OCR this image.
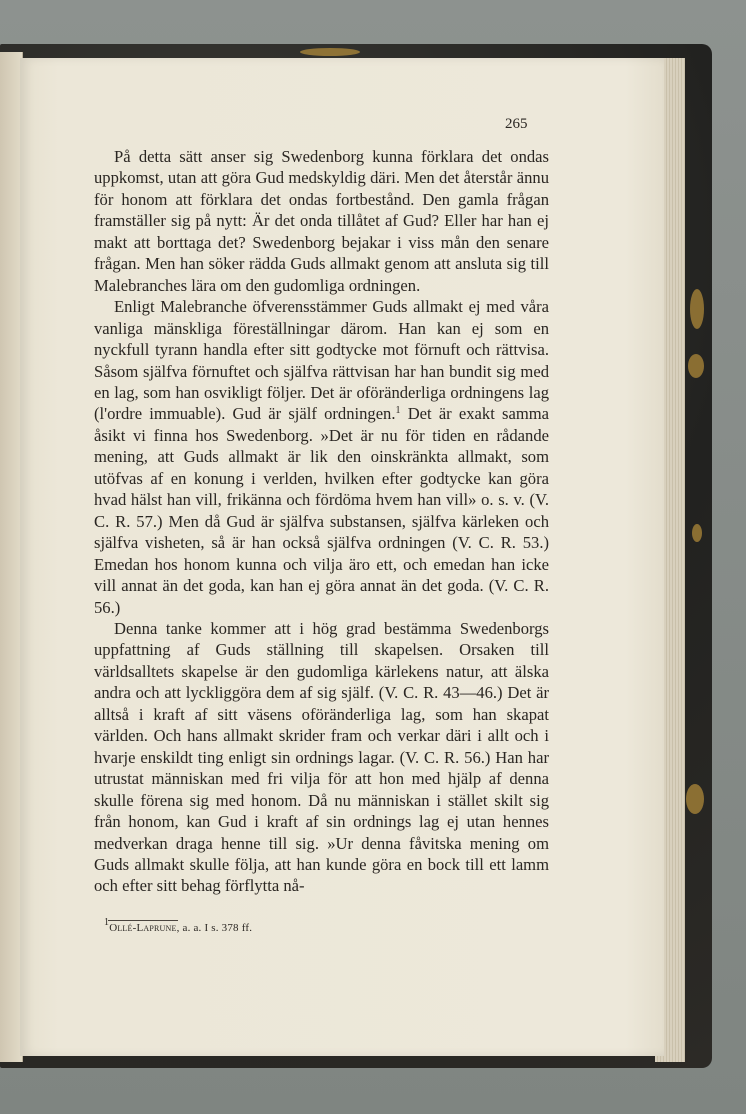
265

På detta sätt anser sig Swedenborg kunna förklara det ondas uppkomst, utan att göra Gud medskyldig däri. Men det återstår ännu för honom att förklara det ondas fortbestånd. Den gamla frågan framställer sig på nytt: Är det onda tillåtet af Gud? Eller har han ej makt att borttaga det? Swedenborg bejakar i viss mån den senare frågan. Men han söker rädda Guds allmakt genom att ansluta sig till Malebranches lära om den gudomliga ordningen.

Enligt Malebranche öfverensstämmer Guds allmakt ej med våra vanliga mänskliga föreställningar därom. Han kan ej som en nyckfull tyrann handla efter sitt godtycke mot förnuft och rättvisa. Såsom själfva förnuftet och själfva rättvisan har han bundit sig med en lag, som han osvikligt följer. Det är oföränderliga ordningens lag (l'ordre immuable). Gud är själf ordningen.$^1$ Det är exakt samma åsikt vi finna hos Swedenborg. »Det är nu för tiden en rådande mening, att Guds allmakt är lik den oinskränkta allmakt, som utöfvas af en konung i verlden, hvilken efter godtycke kan göra hvad hälst han vill, frikänna och fördöma hvem han vill» o. s. v. (V. C. R. 57.) Men då Gud är själfva substansen, själfva kärleken och själfva visheten, så är han också själfva ordningen (V. C. R. 53.) Emedan hos honom kunna och vilja äro ett, och emedan han icke vill annat än det goda, kan han ej göra annat än det goda. (V. C. R. 56.)

Denna tanke kommer att i hög grad bestämma Swedenborgs uppfattning af Guds ställning till skapelsen. Orsaken till världsalltets skapelse är den gudomliga kärlekens natur, att älska andra och att lyckliggöra dem af sig själf. (V. C. R. 43—46.) Det är alltså i kraft af sitt väsens oföränderliga lag, som han skapat världen. Och hans allmakt skrider fram och verkar däri i allt och i hvarje enskildt ting enligt sin ordnings lagar. (V. C. R. 56.) Han har utrustat människan med fri vilja för att hon med hjälp af denna skulle förena sig med honom. Då nu människan i stället skilt sig från honom, kan Gud i kraft af sin ordnings lag ej utan hennes medverkan draga henne till sig. »Ur denna fåvitska mening om Guds allmakt skulle följa, att han kunde göra en bock till ett lamm och efter sitt behag förflytta nå-

$^1$Ollé-Laprune, a. a. I s. 378 ff.
